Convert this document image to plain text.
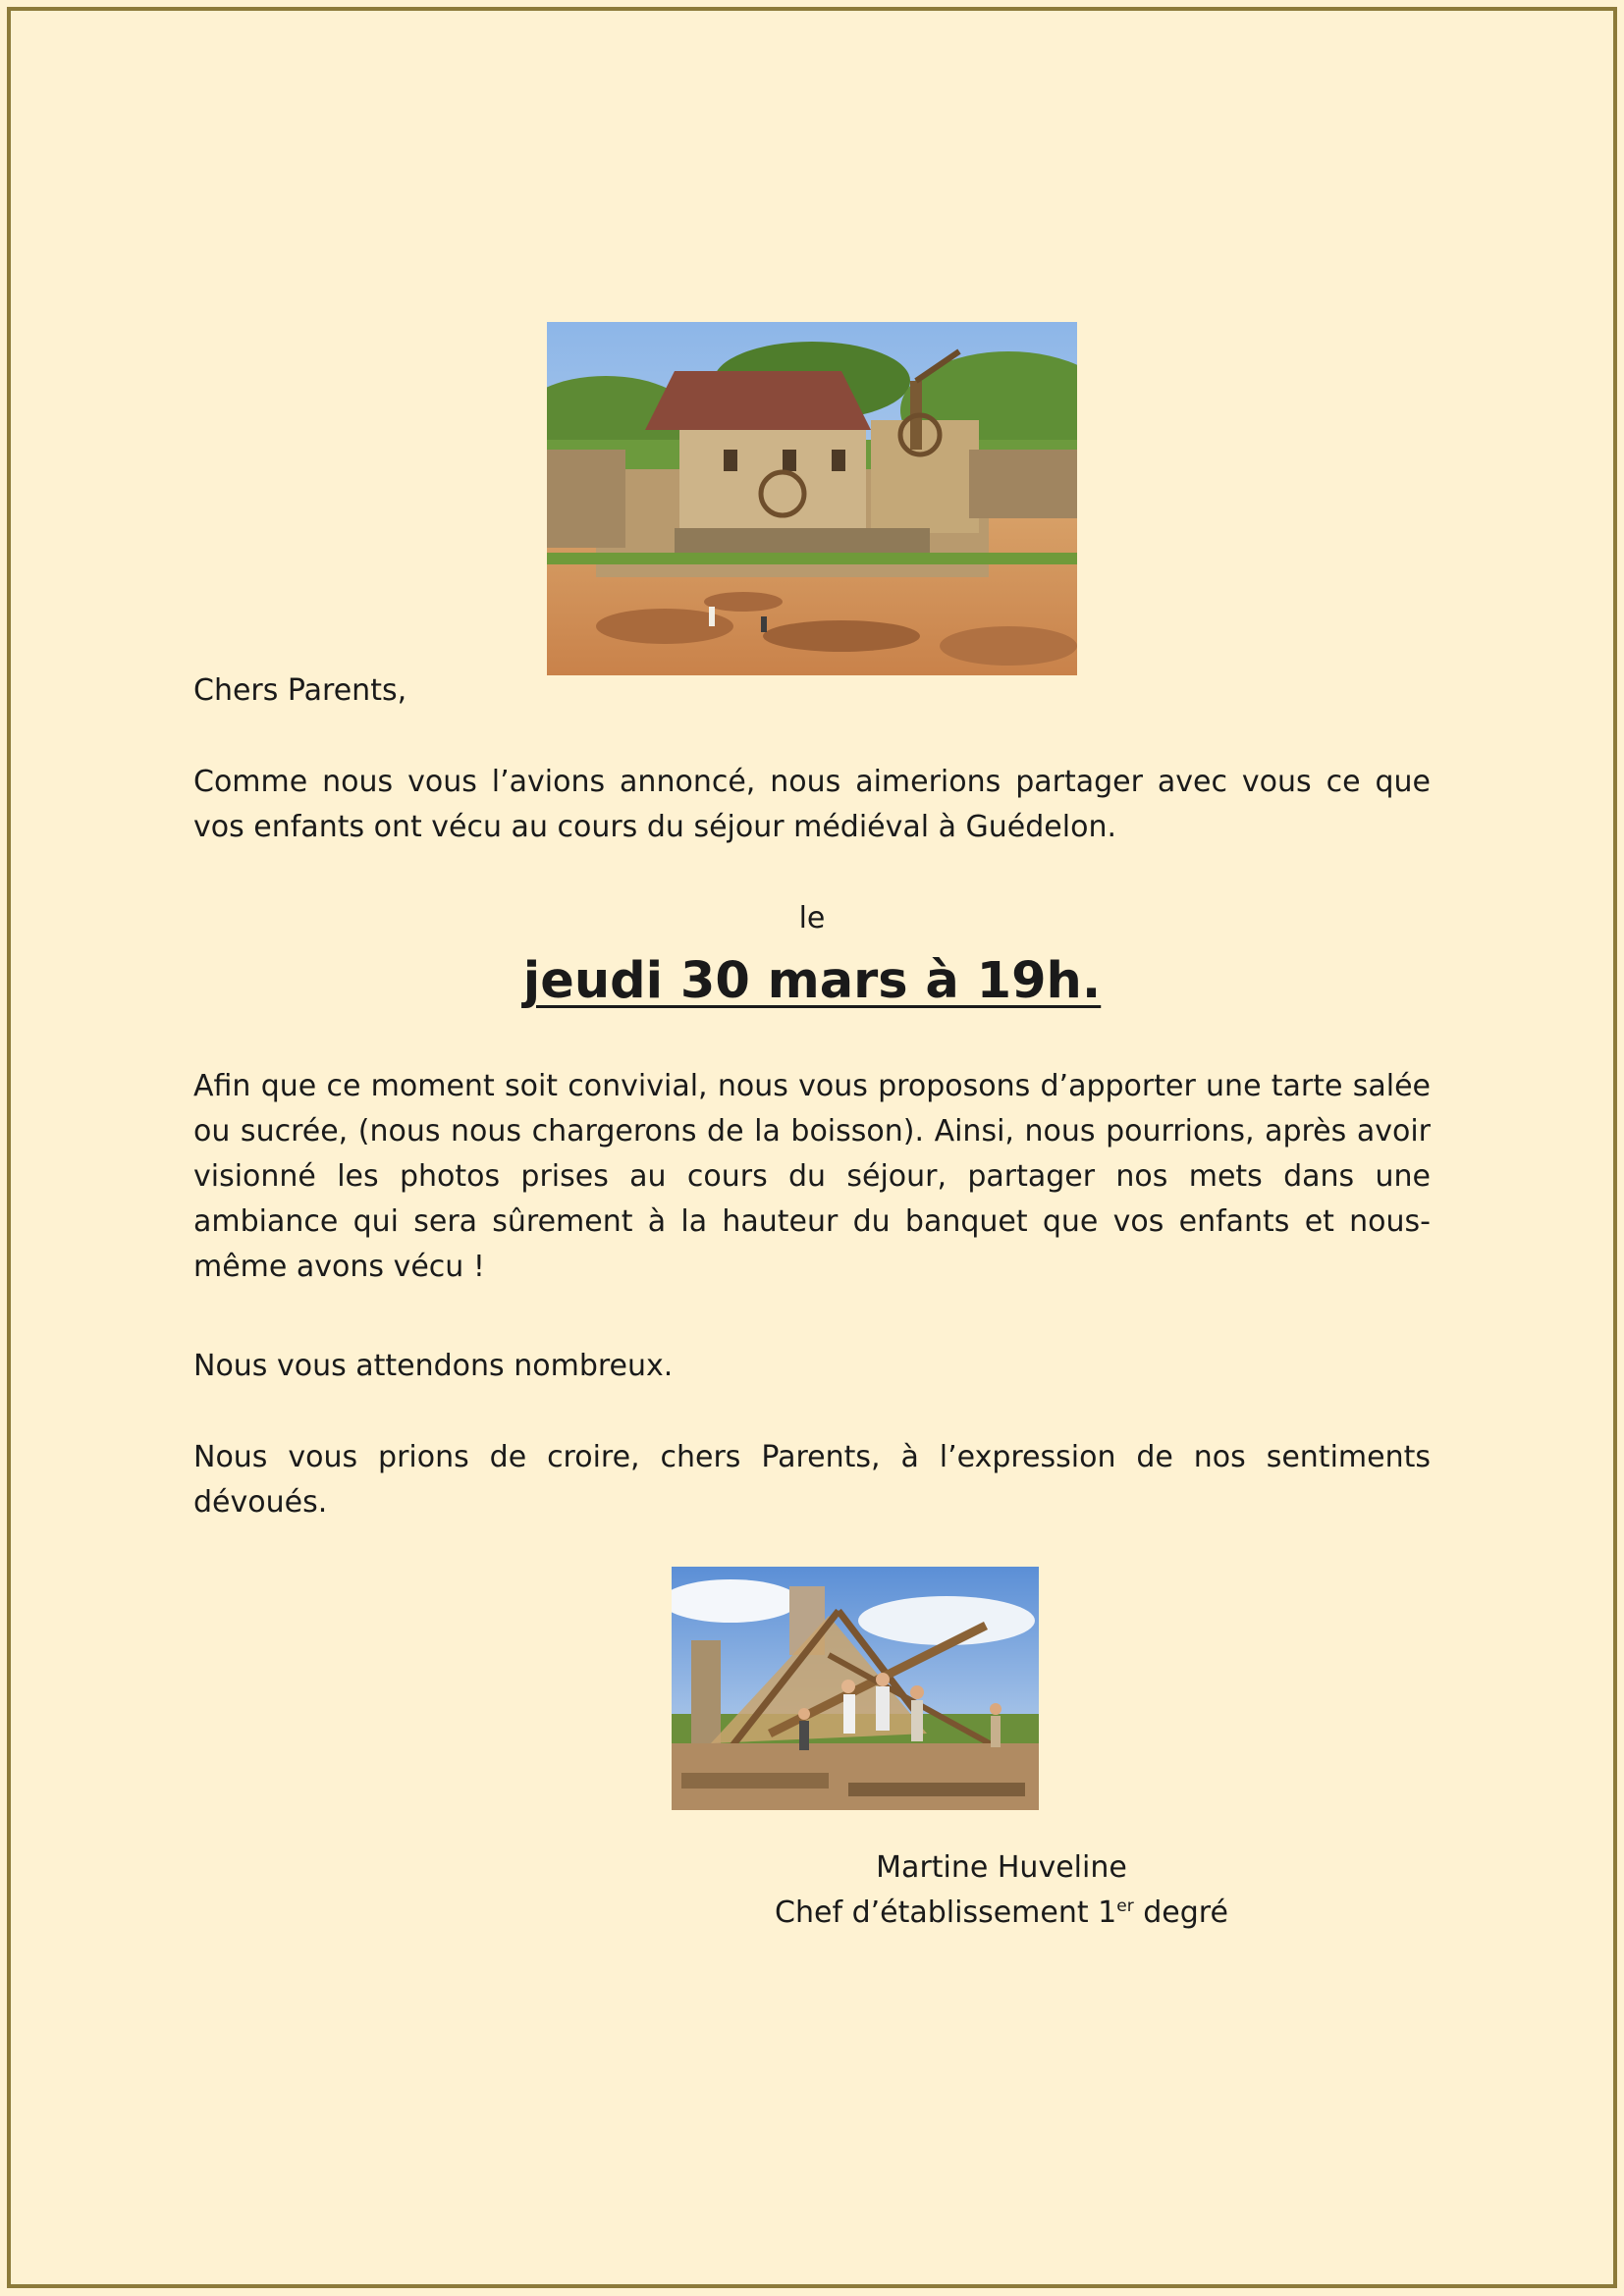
Chers Parents,

Comme nous vous l’avions annoncé, nous aimerions partager avec vous ce que vos enfants ont vécu au cours du séjour médiéval à Guédelon.

le

jeudi 30 mars à 19h.

Afin que ce moment soit convivial, nous vous proposons d’apporter une tarte salée ou sucrée, (nous nous chargerons de la boisson). Ainsi, nous pourrions, après avoir visionné les photos prises au cours du séjour, partager nos mets dans une ambiance qui sera sûrement à la hauteur du banquet que vos enfants et nous-même avons vécu !

Nous vous attendons nombreux.

Nous vous prions de croire, chers Parents, à l’expression de nos sentiments dévoués.

Martine Huveline

Chef d’établissement 1er degré
